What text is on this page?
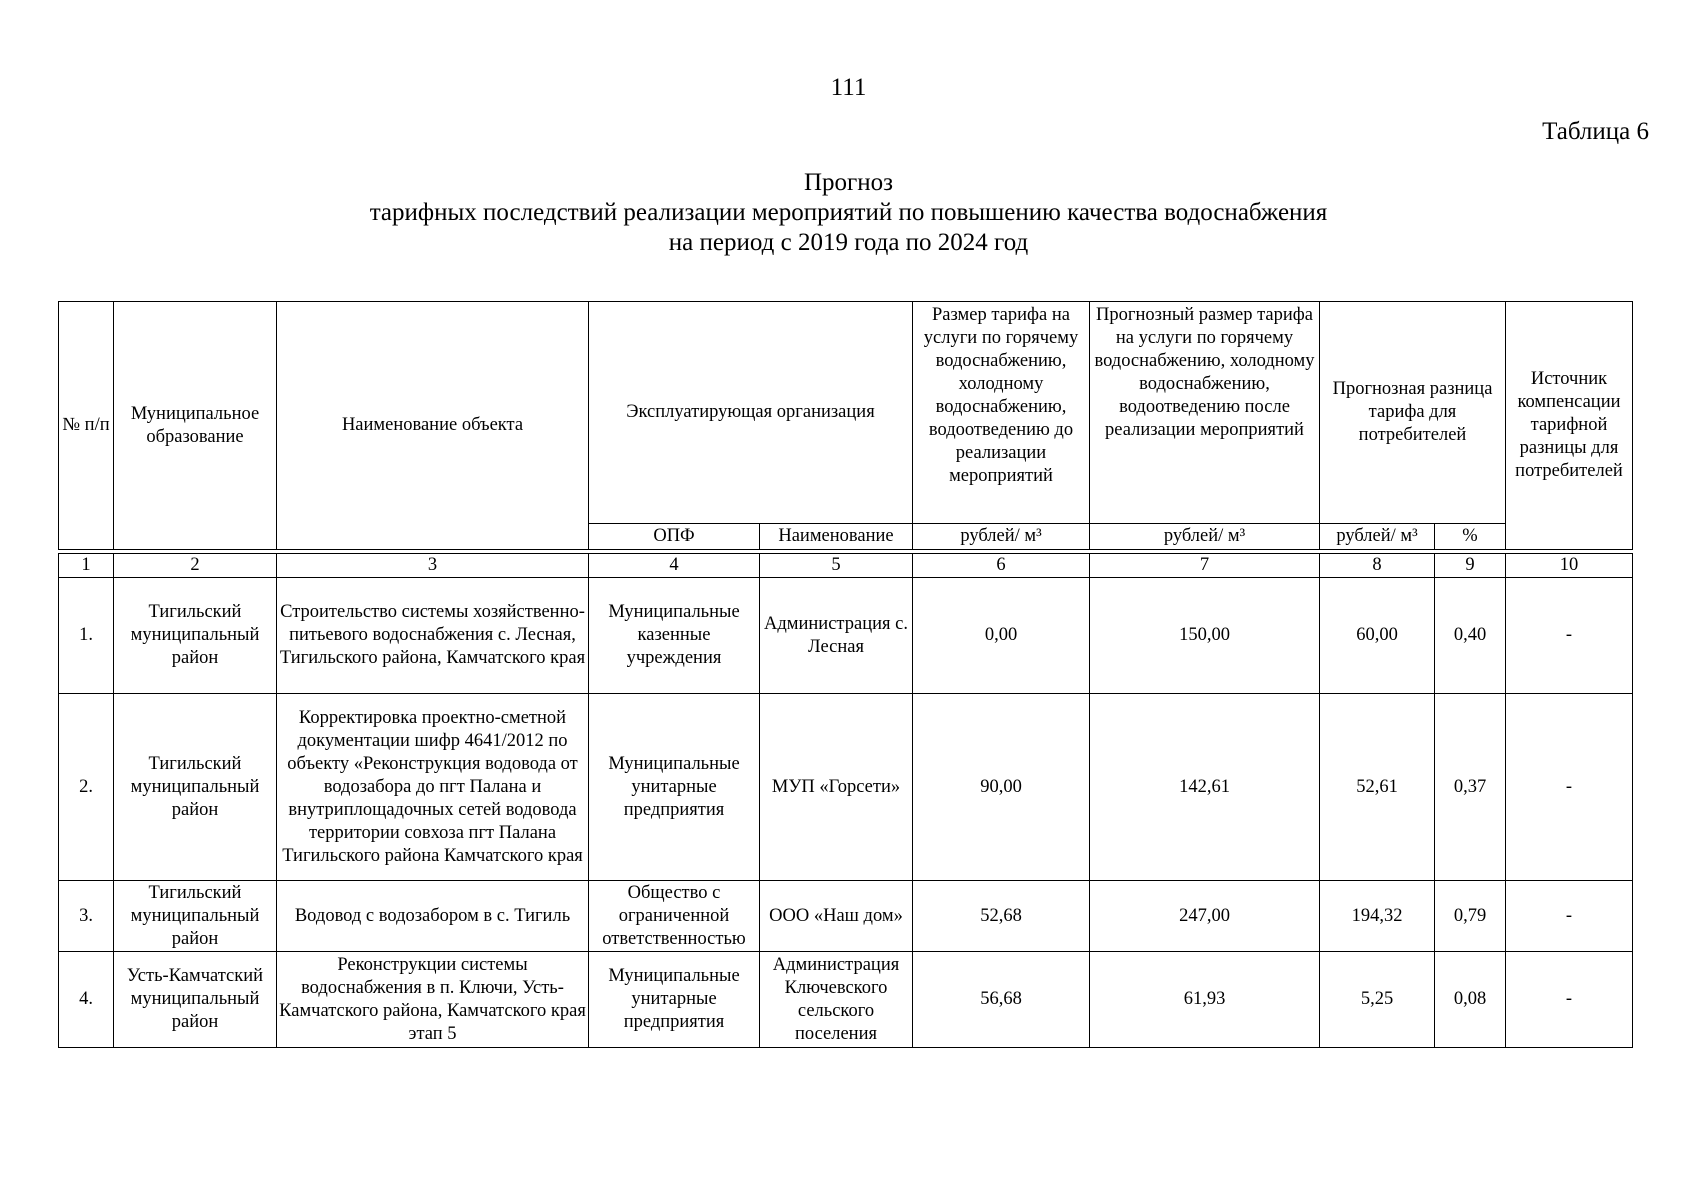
111
Таблица 6
Прогноз
тарифных последствий реализации мероприятий по повышению качества водоснабжения
на период с 2019 года по 2024 год
№ п/п	Муниципальное образование	Наименование объекта	Эксплуатирующая организация		Размер тарифа на услуги по горячему водоснабжению, холодному водоснабжению, водоотведению до реализации мероприятий	Прогнозный размер тарифа на услуги по горячему водоснабжению, холодному водоснабжению, водоотведению после реализации мероприятий	Прогнозная разница тарифа для потребителей		Источник компенсации тарифной разницы для потребителей
			ОПФ	Наименование	рублей/ м³	рублей/ м³	рублей/ м³	%	
1	2	3	4	5	6	7	8	9	10
1.	Тигильский муниципальный район	Строительство системы хозяйственно-питьевого водоснабжения с. Лесная, Тигильского района, Камчатского края	Муниципальные казенные учреждения	Администрация с. Лесная	0,00	150,00	60,00	0,40	-
2.	Тигильский муниципальный район	Корректировка проектно-сметной документации шифр 4641/2012 по объекту «Реконструкция водовода от водозабора до пгт Палана и внутриплощадочных сетей водовода территории совхоза пгт Палана Тигильского района Камчатского края	Муниципальные унитарные предприятия	МУП «Горсети»	90,00	142,61	52,61	0,37	-
3.	Тигильский муниципальный район	Водовод с водозабором в с. Тигиль	Общество с ограниченной ответственностью	ООО «Наш дом»	52,68	247,00	194,32	0,79	-
4.	Усть-Камчатский муниципальный район	Реконструкции системы водоснабжения в п. Ключи, Усть-Камчатского района, Камчатского края этап 5	Муниципальные унитарные предприятия	Администрация Ключевского сельского поселения	56,68	61,93	5,25	0,08	-
